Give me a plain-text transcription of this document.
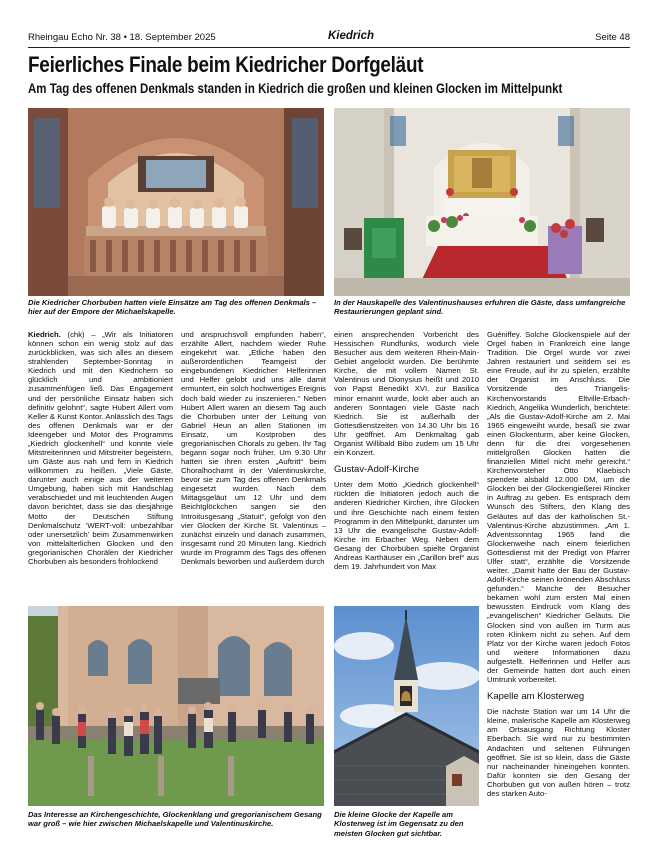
Rheingau Echo Nr. 38 • 18. September 2025	Kiedrich	Seite 48
Feierliches Finale beim Kiedricher Dorfgeläut
Am Tag des offenen Denkmals standen in Kiedrich die großen und kleinen Glocken im Mittelpunkt
Die Kiedricher Chorbuben hatten viele Einsätze am Tag des offenen Denkmals – hier auf der Empore der Michaelskapelle.
In der Hauskapelle des Valentinushauses erfuhren die Gäste, dass umfangreiche Restaurierungen geplant sind.

Kiedrich. (chk) – „Wir als Initiatoren können schon ein wenig stolz auf das zurückblicken, was sich alles an diesem strahlenden September-Sonntag in Kiedrich und mit den Kiedrichern so glücklich und ambitioniert zusammenfügen ließ. Das Engagement und der persönliche Einsatz haben sich definitiv gelohnt“, sagte Hubert Allert vom Keller & Kunst Kontor. Anlässlich des Tags des offenen Denkmals war er der Ideengeber und Motor des Programms „Kiedrich glockenhell“ und konnte viele Mitstreiterinnen und Mitstreiter begeistern, um Gäste aus nah und fern in Kiedrich willkommen zu heißen. „Viele Gäste, darunter auch einige aus der weiteren Umgebung, haben sich mit Handschlag verabschiedet und mit leuchtenden Augen davon berichtet, dass sie das diesjährige Motto der Deutschen Stiftung Denkmalschutz ‘WERT-voll: unbezahlbar oder unersetzlich’ beim Zusammenwirken von mittelalterlichen Glocken und den gregorianischen Chorälen der Kiedricher Chorbuben als besonders frohlockend

und anspruchsvoll empfunden haben“, erzählte Allert, nachdem wieder Ruhe eingekehrt war. „Etliche haben den außerordentlichen Teamgeist der eingebundenen Kiedricher Helferinnen und Helfer gelobt und uns alle damit ermuntert, ein solch hochwertiges Ereignis doch bald wieder zu inszenieren.“ Neben Hubert Allert waren an diesem Tag auch die Chorbuben unter der Leitung von Gabriel Heun an allen Stationen im Einsatz, um Kostproben des gregorianischen Chorals zu geben. Ihr Tag begann sogar noch früher. Um 9.30 Uhr hatten sie ihren ersten „Auftritt“ beim Choralhochamt in der Valentinuskirche, bevor sie zum Tag des offenen Denkmals eingesetzt wurden. Nach dem Mittagsgeläut um 12 Uhr und dem Beichtglöckchen sangen sie den Introitusgesang „Statuit“, gefolgt von den vier Glocken der Kirche St. Valentinus – zunächst einzeln und danach zusammen, insgesamt rund 20 Minuten lang. Kiedrich wurde im Programm des Tags des offenen Denkmals beworben und außerdem durch

einen ansprechenden Vorbericht des Hessischen Rundfunks, wodurch viele Besucher aus dem weiteren Rhein-Main-Gebiet angelockt wurden. Die berühmte Kirche, die mit vollem Namen St. Valentinus und Dionysius heißt und 2010 von Papst Benedikt XVI. zur Basilica minor ernannt wurde, lockt aber auch an anderen Sonntagen viele Gäste nach Kiedrich. Sie ist außerhalb der Gottesdienstzeiten von 14.30 Uhr bis 16 Uhr geöffnet. Am Denkmaltag gab Organist Willibald Bibo zudem um 15 Uhr ein Konzert.

Gustav-Adolf-Kirche

Unter dem Motto „Kiedrich glockenhell“ rückten die Initiatoren jedoch auch die anderen Kiedricher Kirchen, ihre Glocken und ihre Geschichte nach einem festen Programm in den Mittelpunkt, darunter um 13 Uhr die evangelische Gustav-Adolf-Kirche im Erbacher Weg. Neben dem Gesang der Chorbuben spielte Organist Andreas Karthäuser ein „Carillon bref“ aus dem 19. Jahrhundert von Max

Guéniffey. Solche Glockenspiele auf der Orgel haben in Frankreich eine lange Tradition. Die Orgel wurde vor zwei Jahren restauriert und seitdem sei es eine Freude, auf ihr zu spielen, erzählte der Organist im Anschluss. Die Vorsitzende des Triangelis-Kirchenvorstands Eltville-Erbach-Kiedrich, Angelika Wunderlich, berichtete: „Als die Gustav-Adolf-Kirche am 2. Mai 1965 eingeweiht wurde, besaß sie zwar einen Glockenturm, aber keine Glocken, denn für die drei vorgesehenen mittelgroßen Glocken hatten die finanziellen Mittel nicht mehr gereicht.“ Kirchenvorsteher Otto Klaebisch spendete alsbald 12.000 DM, um die Glocken bei der Glockengießerei Rincker in Auftrag zu geben. Es entsprach dem Wunsch des Stifters, den Klang des Geläutes auf das der katholischen St.-Valentinus-Kirche abzustimmen. „Am 1. Adventssonntag 1965 fand die Glockenweihe nach einem feierlichen Gottesdienst mit der Predigt von Pfarrer Ulfer statt“, erzählte die Vorsitzende weiter. „Damit hatte der Bau der Gustav-Adolf-Kirche seinen krönenden Abschluss gefunden.“ Manche der Besucher bekamen wohl zum ersten Mal einen bewussten Eindruck vom Klang des „evangelischen“ Kiedricher Geläuts. Die Glocken sind von außen im Turm aus roten Klinkern nicht zu sehen. Auf dem Platz vor der Kirche waren jedoch Fotos und weitere Informationen dazu aufgestellt. Helferinnen und Helfer aus der Gemeinde hatten dort auch einen Umtrunk vorbereitet.

Kapelle am Klosterweg

Die nächste Station war um 14 Uhr die kleine, malerische Kapelle am Klosterweg am Ortsausgang Richtung Kloster Eberbach. Sie wird nur zu bestimmten Andachten und seltenen Führungen geöffnet. Sie ist so klein, dass die Gäste nur nacheinander hineingehen konnten. Dafür konnten sie den Gesang der Chorbuben gut von außen hören – trotz des starken Auto-

Das Interesse an Kirchengeschichte, Glockenklang und gregorianischem Gesang war groß – wie hier zwischen Michaelskapelle und Valentinuskirche.
Die kleine Glocke der Kapelle am Klosterweg ist im Gegensatz zu den meisten Glocken gut sichtbar.
